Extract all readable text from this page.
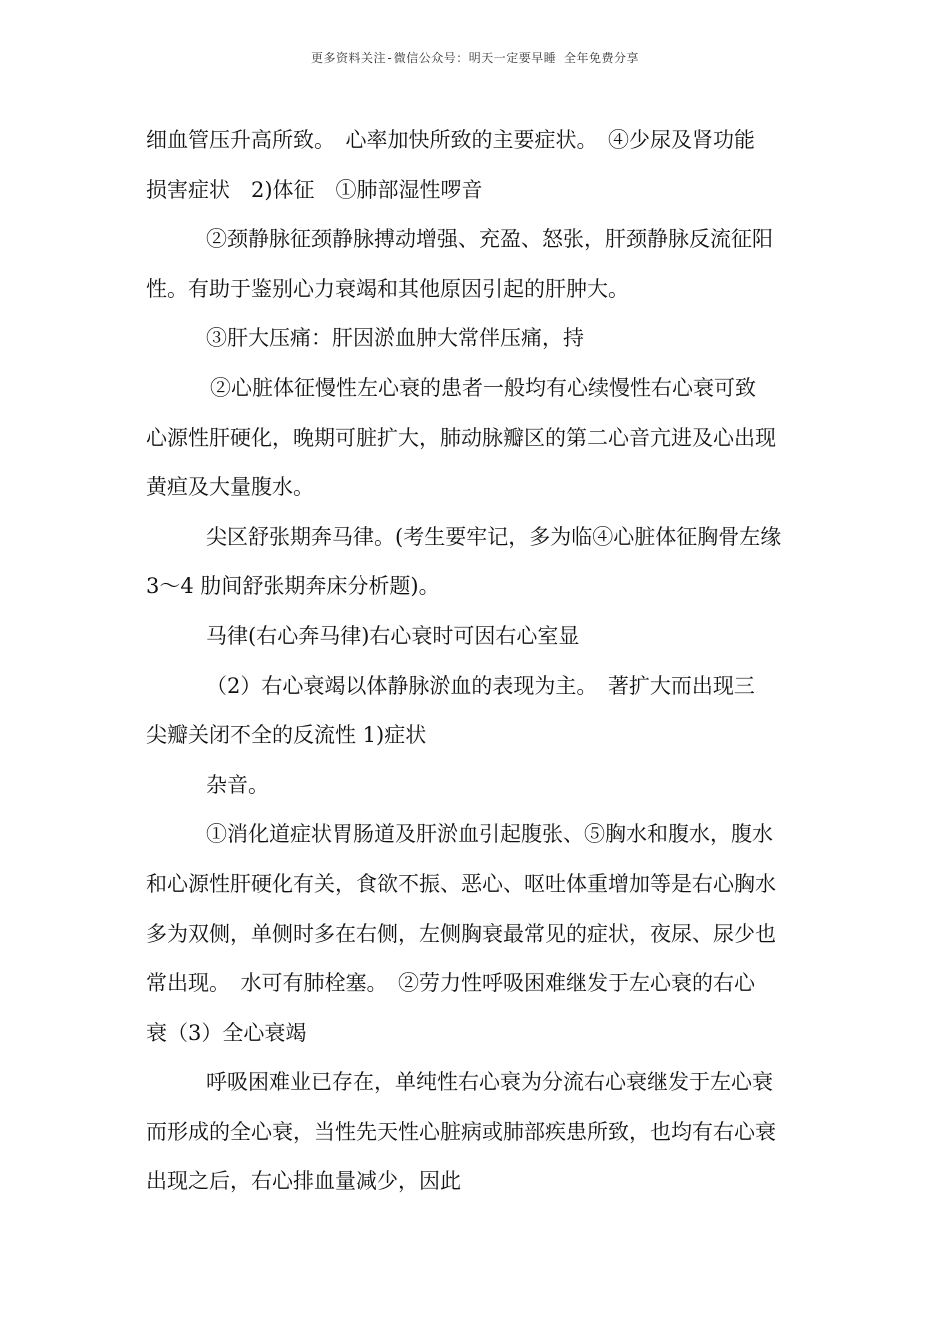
更多资料关注-微信公众号：明天一定要早睡 全年免费分享
细血管压升高所致。　心率加快所致的主要症状。　④少尿及肾功能
损害症状　2)体征　①肺部湿性啰音
②颈静脉征颈静脉搏动增强、充盈、怒张，肝颈静脉反流征阳
性。有助于鉴别心力衰竭和其他原因引起的肝肿大。
③肝大压痛：肝因淤血肿大常伴压痛，持
②心脏体征慢性左心衰的患者一般均有心续慢性右心衰可致
心源性肝硬化，晚期可脏扩大，肺动脉瓣区的第二心音亢进及心出现
黄疸及大量腹水。
尖区舒张期奔马律。(考生要牢记，多为临④心脏体征胸骨左缘
3～4 肋间舒张期奔床分析题)。
马律(右心奔马律)右心衰时可因右心室显
（2）右心衰竭以体静脉淤血的表现为主。　著扩大而出现三
尖瓣关闭不全的反流性 1)症状
杂音。
①消化道症状胃肠道及肝淤血引起腹张、⑤胸水和腹水，腹水
和心源性肝硬化有关，食欲不振、恶心、呕吐体重增加等是右心胸水
多为双侧，单侧时多在右侧，左侧胸衰最常见的症状，夜尿、尿少也
常出现。　水可有肺栓塞。　②劳力性呼吸困难继发于左心衰的右心
衰（3）全心衰竭
呼吸困难业已存在，单纯性右心衰为分流右心衰继发于左心衰
而形成的全心衰，当性先天性心脏病或肺部疾患所致，也均有右心衰
出现之后，右心排血量减少，因此
